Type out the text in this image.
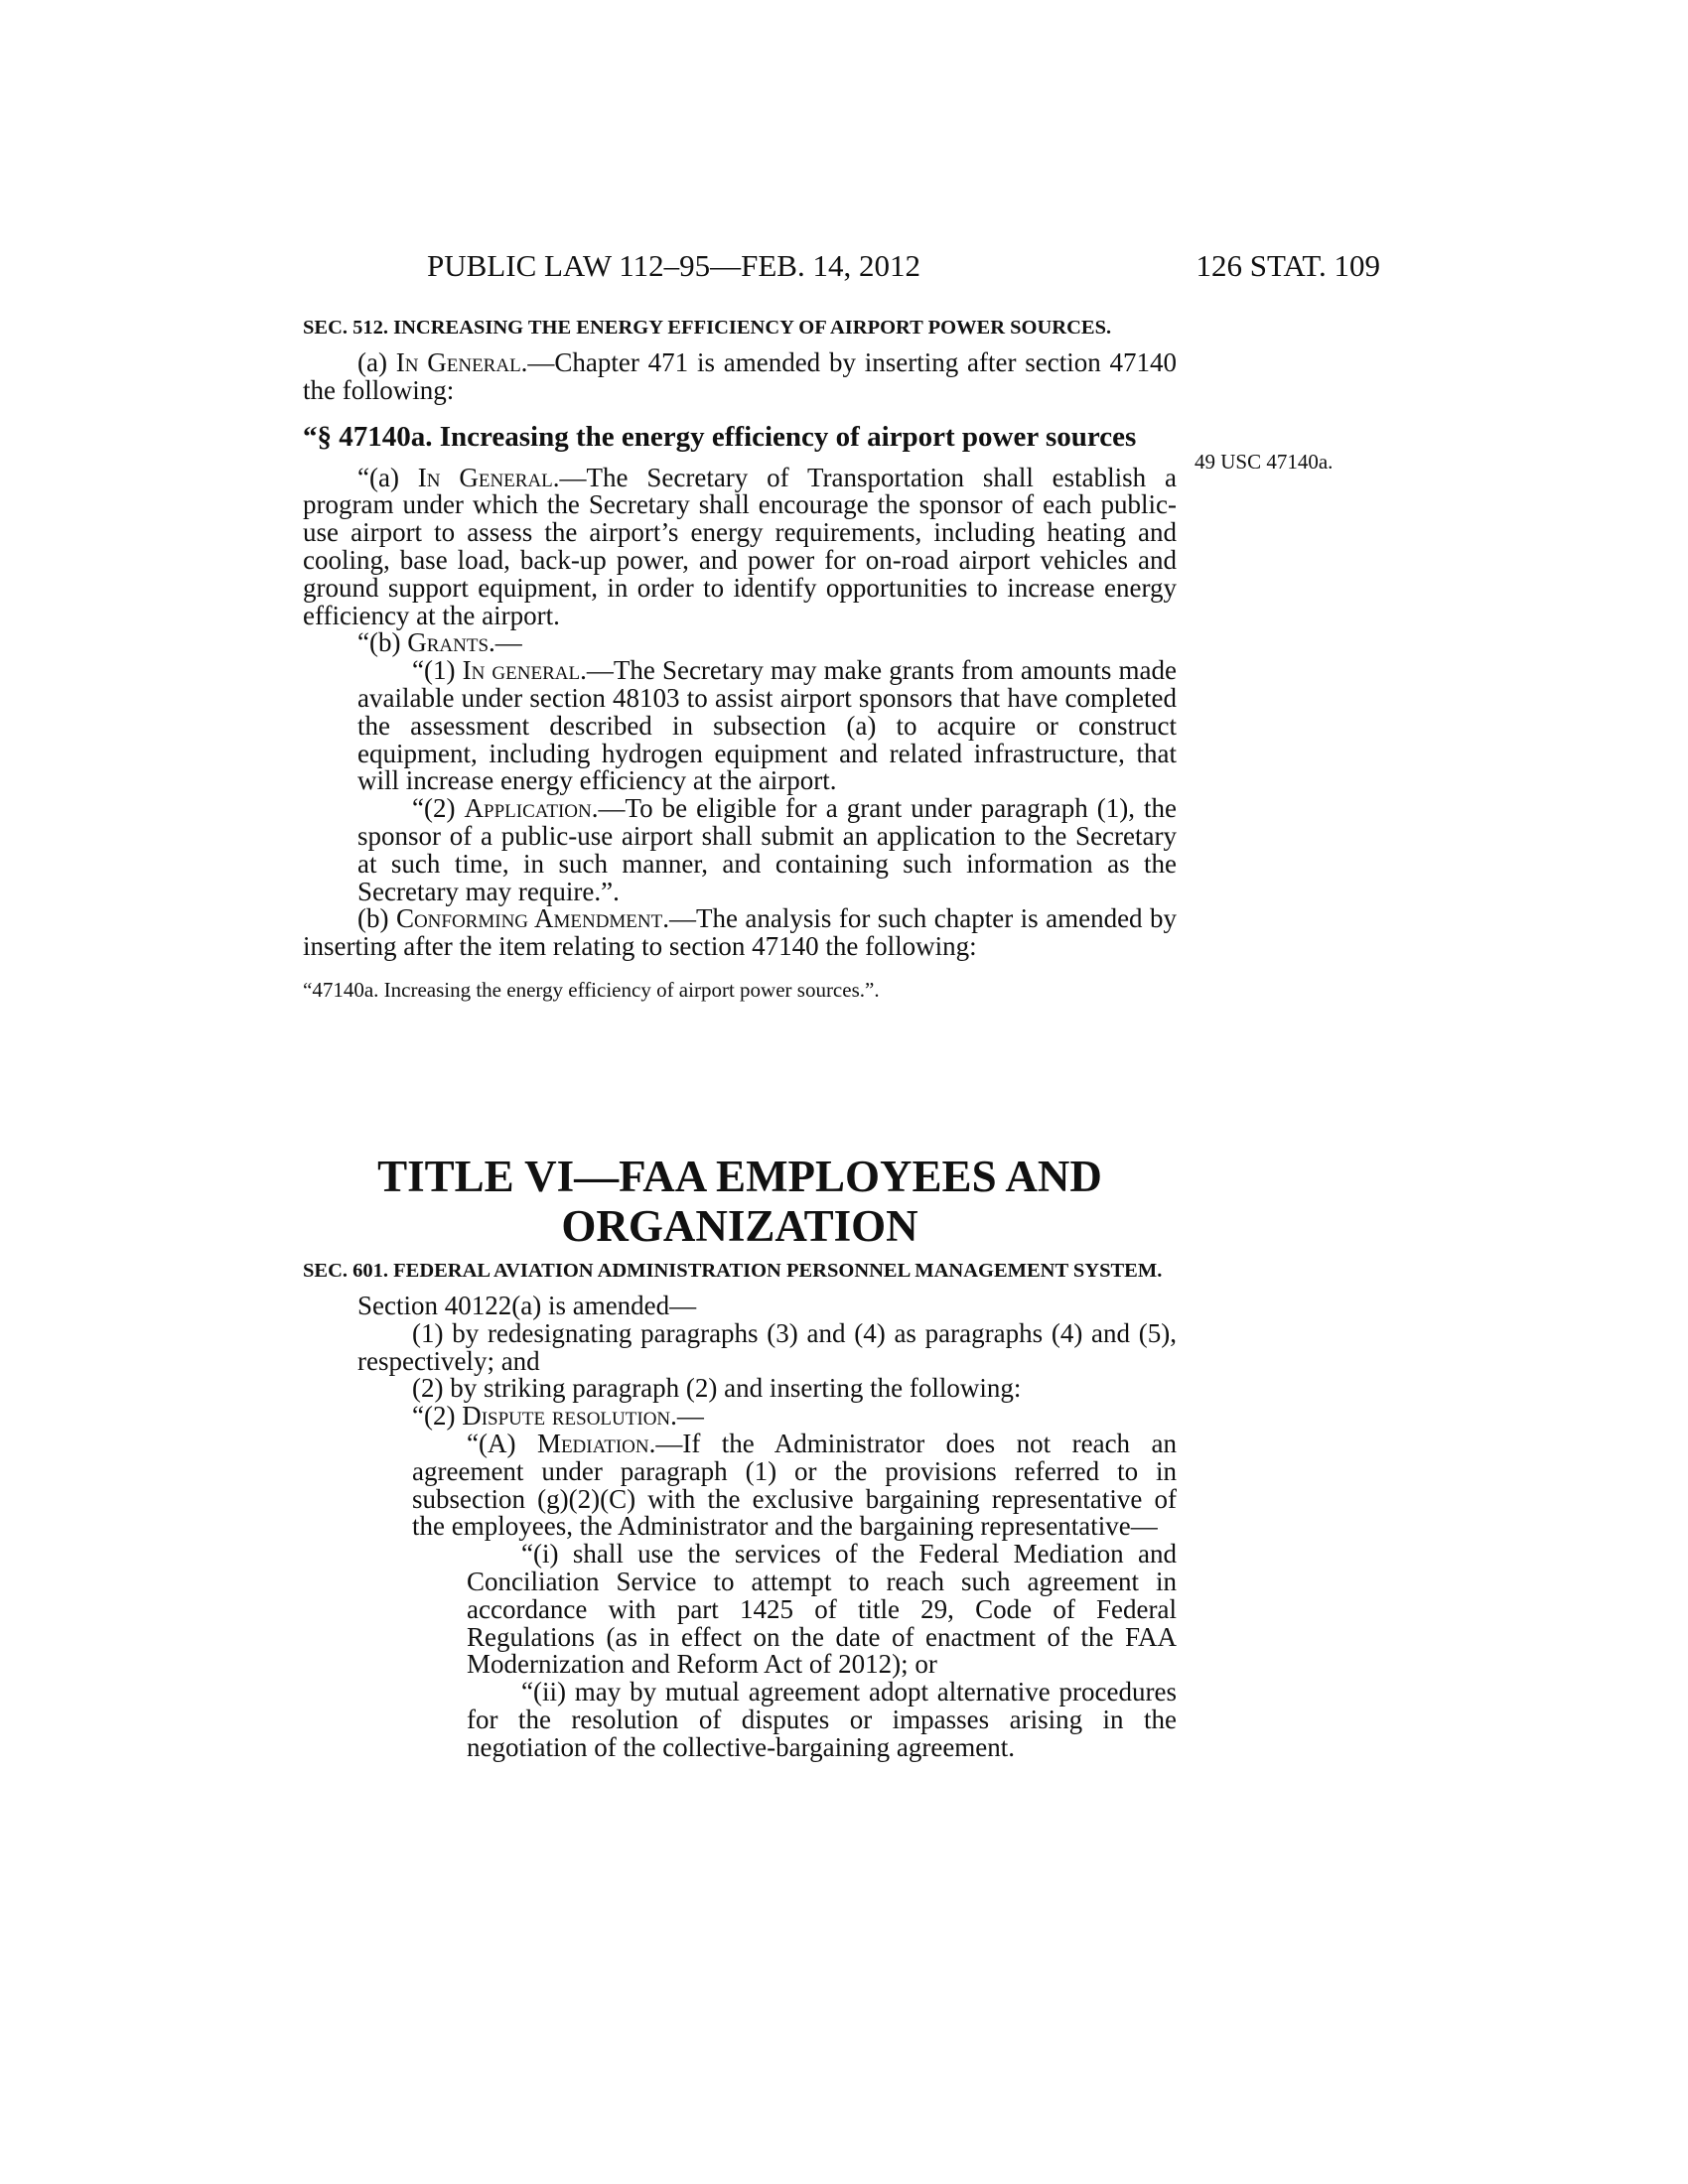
PUBLIC LAW 112–95—FEB. 14, 2012	126 STAT. 109
49 USC 47140a.
SEC. 512. INCREASING THE ENERGY EFFICIENCY OF AIRPORT POWER SOURCES.

(a) In General.—Chapter 471 is amended by inserting after section 47140 the following:

“§ 47140a. Increasing the energy efficiency of airport power sources

“(a) In General.—The Secretary of Transportation shall establish a program under which the Secretary shall encourage the sponsor of each public-use airport to assess the airport’s energy requirements, including heating and cooling, base load, back-up power, and power for on-road airport vehicles and ground support equipment, in order to identify opportunities to increase energy efficiency at the airport.

“(b) Grants.—

“(1) In general.—The Secretary may make grants from amounts made available under section 48103 to assist airport sponsors that have completed the assessment described in subsection (a) to acquire or construct equipment, including hydrogen equipment and related infrastructure, that will increase energy efficiency at the airport.

“(2) Application.—To be eligible for a grant under paragraph (1), the sponsor of a public-use airport shall submit an application to the Secretary at such time, in such manner, and containing such information as the Secretary may require.”.

(b) Conforming Amendment.—The analysis for such chapter is amended by inserting after the item relating to section 47140 the following:

“47140a. Increasing the energy efficiency of airport power sources.”.

TITLE VI—FAA EMPLOYEES AND
ORGANIZATION
SEC. 601. FEDERAL AVIATION ADMINISTRATION PERSONNEL MANAGEMENT SYSTEM.

Section 40122(a) is amended—

(1) by redesignating paragraphs (3) and (4) as paragraphs (4) and (5), respectively; and

(2) by striking paragraph (2) and inserting the following:

“(2) Dispute resolution.—

“(A) Mediation.—If the Administrator does not reach an agreement under paragraph (1) or the provisions referred to in subsection (g)(2)(C) with the exclusive bargaining representative of the employees, the Administrator and the bargaining representative—

“(i) shall use the services of the Federal Mediation and Conciliation Service to attempt to reach such agreement in accordance with part 1425 of title 29, Code of Federal Regulations (as in effect on the date of enactment of the FAA Modernization and Reform Act of 2012); or

“(ii) may by mutual agreement adopt alternative procedures for the resolution of disputes or impasses arising in the negotiation of the collective-bargaining agreement.
